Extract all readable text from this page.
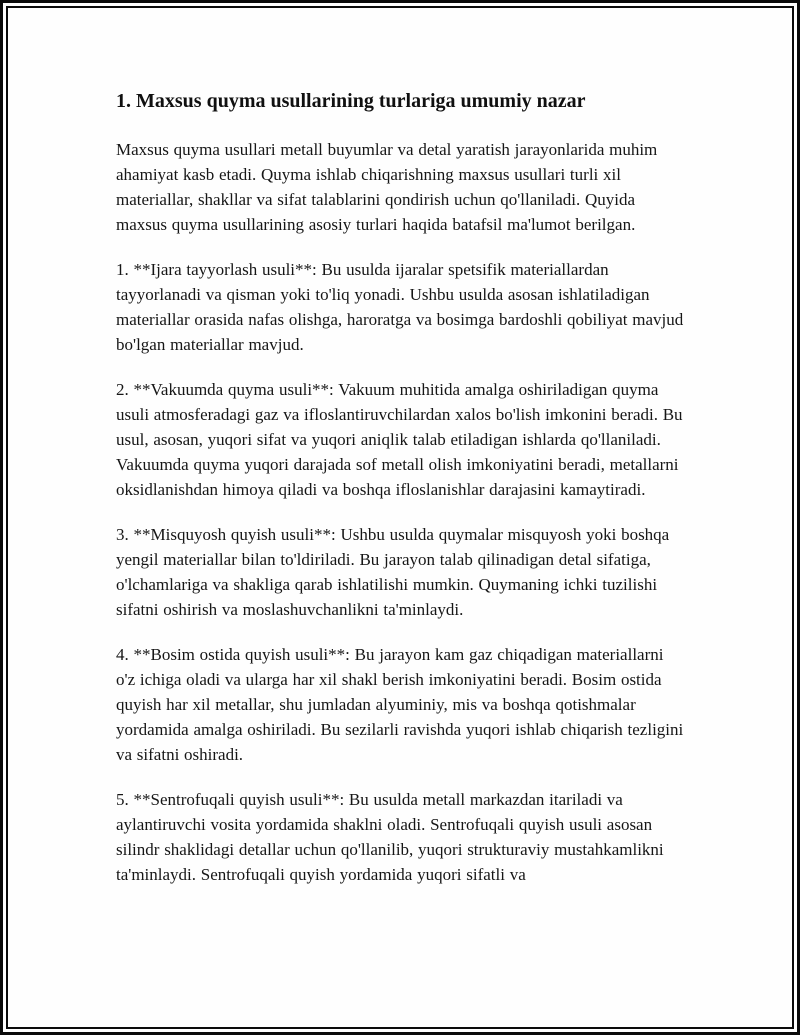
1. Maxsus quyma usullarining turlariga umumiy nazar

Maxsus quyma usullari metall buyumlar va detal yaratish jarayonlarida muhim ahamiyat kasb etadi. Quyma ishlab chiqarishning maxsus usullari turli xil materiallar, shakllar va sifat talablarini qondirish uchun qo'llaniladi. Quyida maxsus quyma usullarining asosiy turlari haqida batafsil ma'lumot berilgan.

1. **Ijara tayyorlash usuli**: Bu usulda ijaralar spetsifik materiallardan tayyorlanadi va qisman yoki to'liq yonadi. Ushbu usulda asosan ishlatiladigan materiallar orasida nafas olishga, haroratga va bosimga bardoshli qobiliyat mavjud bo'lgan materiallar mavjud.

2. **Vakuumda quyma usuli**: Vakuum muhitida amalga oshiriladigan quyma usuli atmosferadagi gaz va ifloslantiruvchilardan xalos bo'lish imkonini beradi. Bu usul, asosan, yuqori sifat va yuqori aniqlik talab etiladigan ishlarda qo'llaniladi. Vakuumda quyma yuqori darajada sof metall olish imkoniyatini beradi, metallarni oksidlanishdan himoya qiladi va boshqa ifloslanishlar darajasini kamaytiradi.

3. **Misquyosh quyish usuli**: Ushbu usulda quymalar misquyosh yoki boshqa yengil materiallar bilan to'ldiriladi. Bu jarayon talab qilinadigan detal sifatiga, o'lchamlariga va shakliga qarab ishlatilishi mumkin. Quymaning ichki tuzilishi sifatni oshirish va moslashuvchanlikni ta'minlaydi.

4. **Bosim ostida quyish usuli**: Bu jarayon kam gaz chiqadigan materiallarni o'z ichiga oladi va ularga har xil shakl berish imkoniyatini beradi. Bosim ostida quyish har xil metallar, shu jumladan alyuminiy, mis va boshqa qotishmalar yordamida amalga oshiriladi. Bu sezilarli ravishda yuqori ishlab chiqarish tezligini va sifatni oshiradi.

5. **Sentrofuqali quyish usuli**: Bu usulda metall markazdan itariladi va aylantiruvchi vosita yordamida shaklni oladi. Sentrofuqali quyish usuli asosan silindr shaklidagi detallar uchun qo'llanilib, yuqori strukturaviy mustahkamlikni ta'minlaydi. Sentrofuqali quyish yordamida yuqori sifatli va
